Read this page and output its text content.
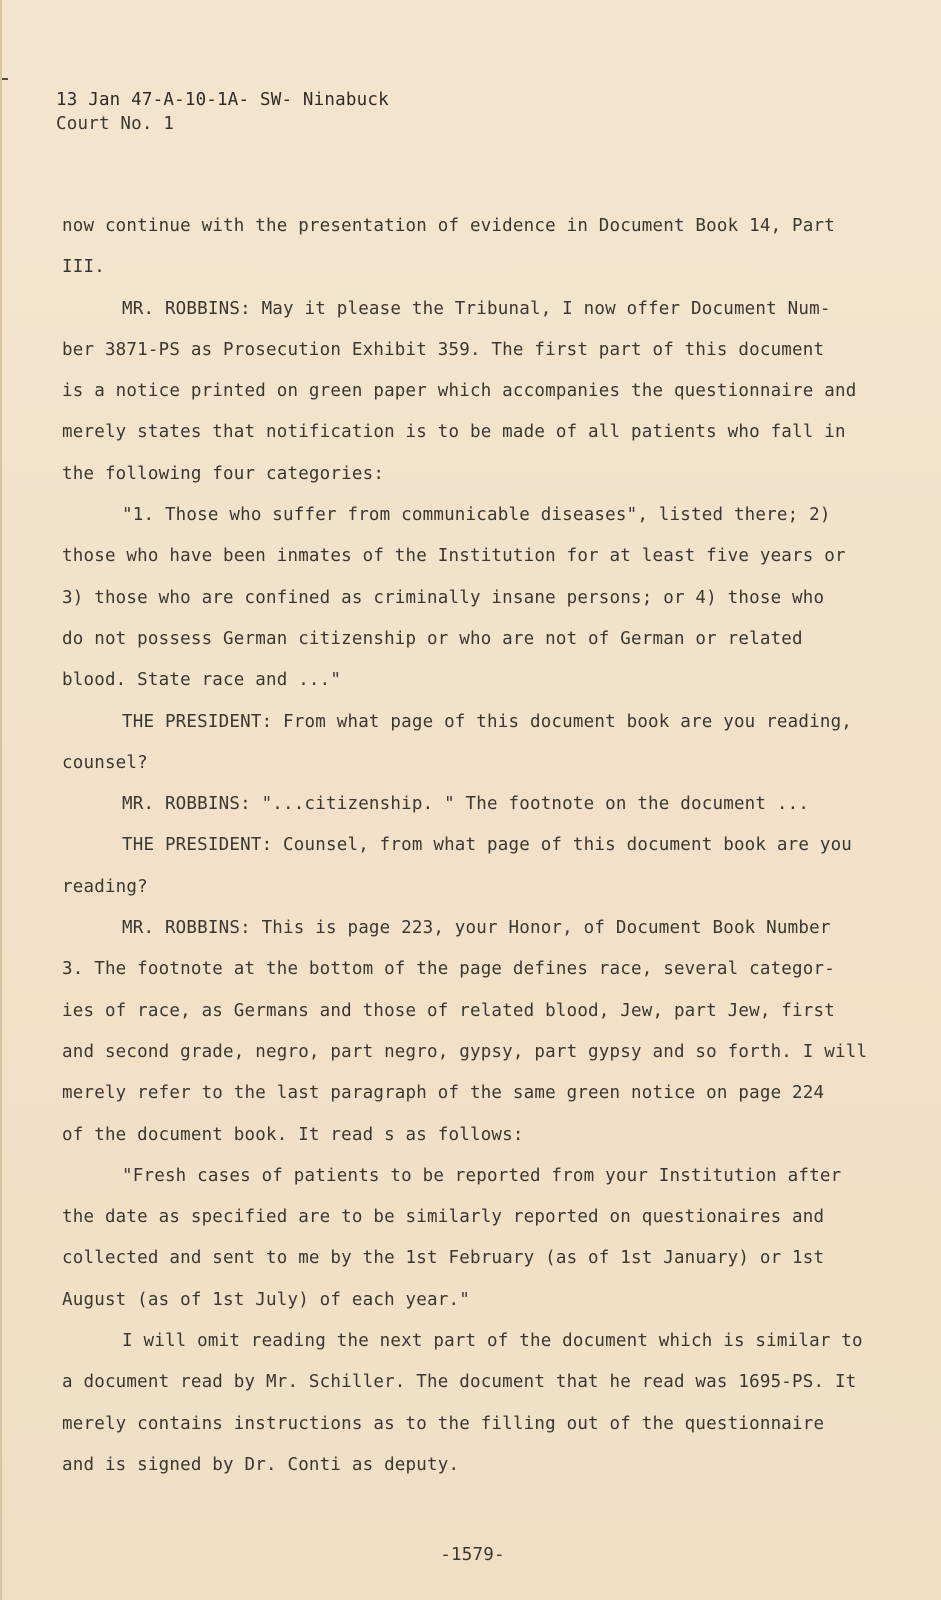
13 Jan 47-A-10-1A- SW- Ninabuck
Court No. 1
now continue with the presentation of evidence in Document Book 14, Part
III.
MR. ROBBINS: May it please the Tribunal, I now offer Document Num-
ber 3871-PS as Prosecution Exhibit 359. The first part of this document
is a notice printed on green paper which accompanies the questionnaire and
merely states that notification is to be made of all patients who fall in
the following four categories:
"1. Those who suffer from communicable diseases", listed there; 2)
those who have been inmates of the Institution for at least five years or
3) those who are confined as criminally insane persons; or 4) those who
do not possess German citizenship or who are not of German or related
blood. State race and ..."
THE PRESIDENT: From what page of this document book are you reading,
counsel?
MR. ROBBINS: "...citizenship. " The footnote on the document ...
THE PRESIDENT: Counsel, from what page of this document book are you
reading?
MR. ROBBINS: This is page 223, your Honor, of Document Book Number
3. The footnote at the bottom of the page defines race, several categor-
ies of race, as Germans and those of related blood, Jew, part Jew, first
and second grade, negro, part negro, gypsy, part gypsy and so forth. I will
merely refer to the last paragraph of the same green notice on page 224
of the document book. It read s as follows:
"Fresh cases of patients to be reported from your Institution after
the date as specified are to be similarly reported on questionaires and
collected and sent to me by the 1st February (as of 1st January) or 1st
August (as of 1st July) of each year."
I will omit reading the next part of the document which is similar to
a document read by Mr. Schiller. The document that he read was 1695-PS. It
merely contains instructions as to the filling out of the questionnaire
and is signed by Dr. Conti as deputy.
-1579-
